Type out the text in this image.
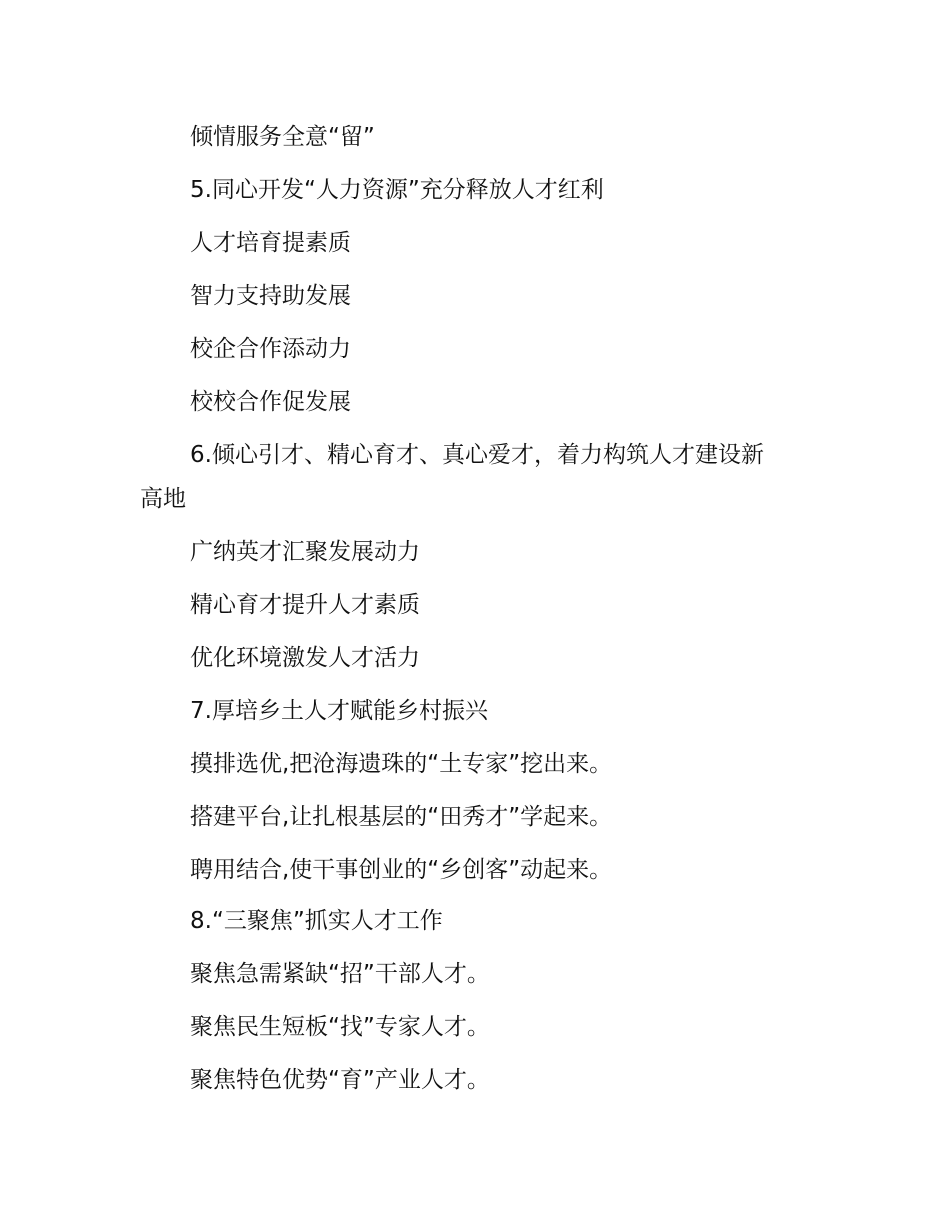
倾情服务全意“留”
5.同心开发“人力资源”充分释放人才红利
人才培育提素质
智力支持助发展
校企合作添动力
校校合作促发展
6.倾心引才、精心育才、真心爱才，着力构筑人才建设新
高地
广纳英才汇聚发展动力
精心育才提升人才素质
优化环境激发人才活力
7.厚培乡土人才赋能乡村振兴
摸排选优,把沧海遗珠的“土专家”挖出来。
搭建平台,让扎根基层的“田秀才”学起来。
聘用结合,使干事创业的“乡创客”动起来。
8.“三聚焦”抓实人才工作
聚焦急需紧缺“招”干部人才。
聚焦民生短板“找”专家人才。
聚焦特色优势“育”产业人才。
